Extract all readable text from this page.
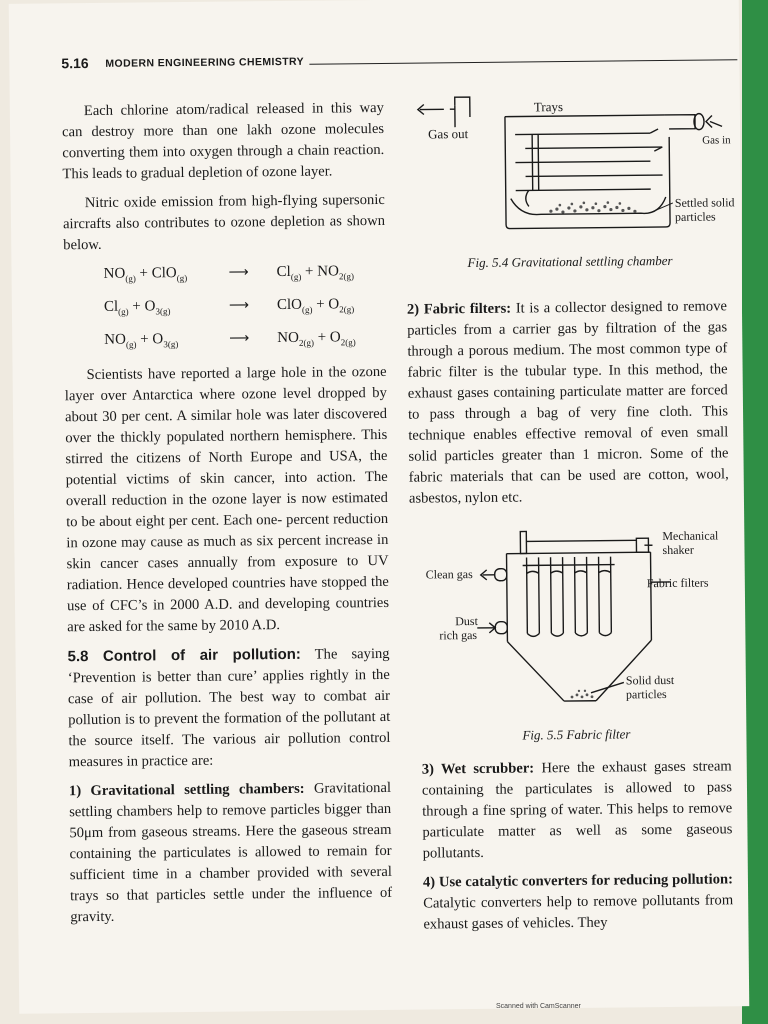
5.16 MODERN ENGINEERING CHEMISTRY

Each chlorine atom/radical released in this way can destroy more than one lakh ozone molecules converting them into oxygen through a chain reaction. This leads to gradual depletion of ozone layer.

Nitric oxide emission from high-flying supersonic aircrafts also contributes to ozone depletion as shown below.

$NO_{(g)} + ClO_{(g)}$	⟶	$Cl_{(g)} + NO_{2(g)}$
$Cl_{(g)} + O_{3(g)}$	⟶	$ClO_{(g)} + O_{2(g)}$
$NO_{(g)} + O_{3(g)}$	⟶	$NO_{2(g)} + O_{2(g)}$

Scientists have reported a large hole in the ozone layer over Antarctica where ozone level dropped by about 30 per cent. A similar hole was later discovered over the thickly populated northern hemisphere. This stirred the citizens of North Europe and USA, the potential victims of skin cancer, into action. The overall reduction in the ozone layer is now estimated to be about eight per cent. Each one- percent reduction in ozone may cause as much as six percent increase in skin cancer cases annually from exposure to UV radiation. Hence developed countries have stopped the use of CFC’s in 2000 A.D. and developing countries are asked for the same by 2010 A.D.

5.8 Control of air pollution: The saying ‘Prevention is better than cure’ applies rightly in the case of air pollution. The best way to combat air pollution is to prevent the formation of the pollutant at the source itself. The various air pollution control measures in practice are:

1) Gravitational settling chambers: Gravitational settling chambers help to remove particles bigger than 50μm from gaseous streams. Here the gaseous stream containing the particulates is allowed to remain for sufficient time in a chamber provided with several trays so that particles settle under the influence of gravity.

Trays
Gas out	Gas in
Settled solid
particles
Fig. 5.4 Gravitational settling chamber

2) Fabric filters: It is a collector designed to remove particles from a carrier gas by filtration of the gas through a porous medium. The most common type of fabric filter is the tubular type. In this method, the exhaust gases containing particulate matter are forced to pass through a bag of very fine cloth. This technique enables effective removal of even small solid particles greater than 1 micron. Some of the fabric materials that can be used are cotton, wool, asbestos, nylon etc.

Mechanical
shaker
Clean gas
Fabric filters
Dust
rich gas
Solid dust
particles
Fig. 5.5 Fabric filter

3) Wet scrubber: Here the exhaust gases stream containing the particulates is allowed to pass through a fine spring of water. This helps to remove particulate matter as well as some gaseous pollutants.

4) Use catalytic converters for reducing pollution: Catalytic converters help to remove pollutants from exhaust gases of vehicles. They

Scanned with CamScanner
